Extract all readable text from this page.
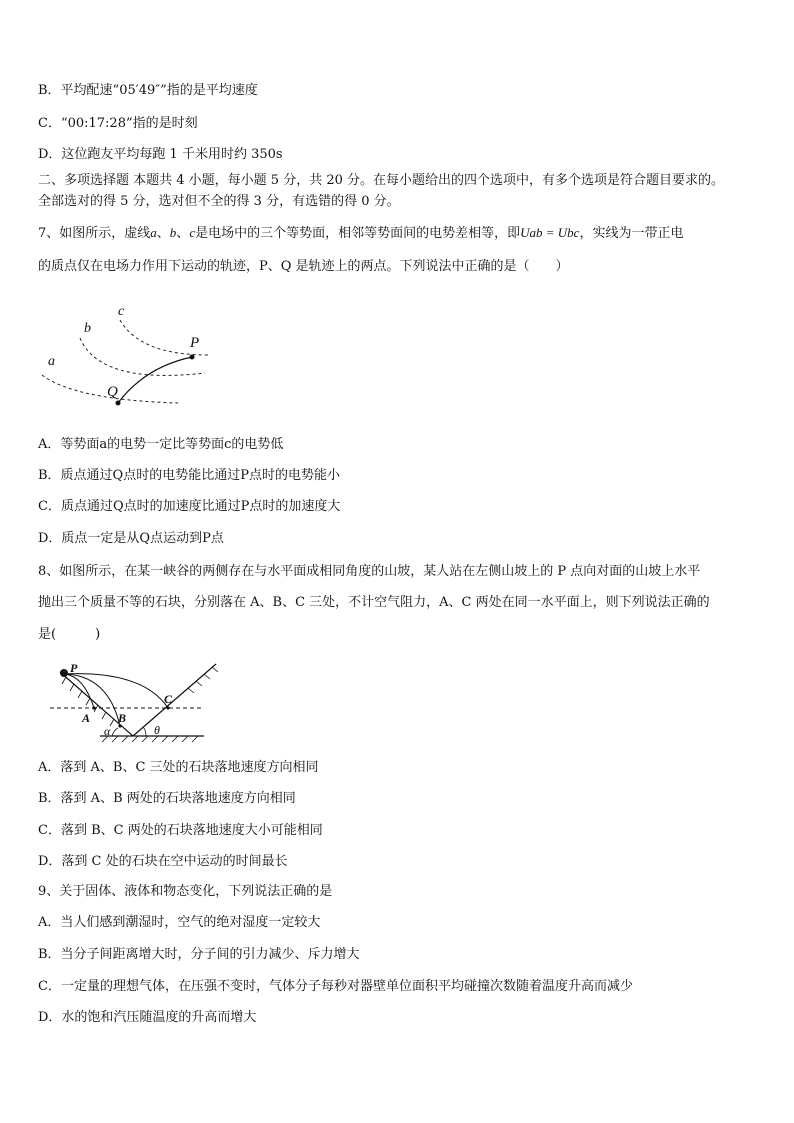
B．平均配速“05′49″”指的是平均速度
C．“00:17:28”指的是时刻
D．这位跑友平均每跑 1 千米用时约 350s
二、多项选择题 本题共 4 小题，每小题 5 分，共 20 分。在每小题给出的四个选项中，有多个选项是符合题目要求的。
全部选对的得 5 分，选对但不全的得 3 分，有选错的得 0 分。
7、如图所示，虚线a、b、c是电场中的三个等势面，相邻等势面间的电势差相等，即Uab = Ubc，实线为一带正电
的质点仅在电场力作用下运动的轨迹，P、Q 是轨迹上的两点。下列说法中正确的是（　　）
a
b
c
P
Q
A．等势面a的电势一定比等势面c的电势低
B．质点通过Q点时的电势能比通过P点时的电势能小
C．质点通过Q点时的加速度比通过P点时的加速度大
D．质点一定是从Q点运动到P点
8、如图所示，在某一峡谷的两侧存在与水平面成相同角度的山坡，某人站在左侧山坡上的 P 点向对面的山坡上水平
抛出三个质量不等的石块，分别落在 A、B、C 三处，不计空气阻力，A、C 两处在同一水平面上，则下列说法正确的
是(　　　)
P
A B
C
α	θ
A．落到 A、B、C 三处的石块落地速度方向相同
B．落到 A、B 两处的石块落地速度方向相同
C．落到 B、C 两处的石块落地速度大小可能相同
D．落到 C 处的石块在空中运动的时间最长
9、关于固体、液体和物态变化，下列说法正确的是
A．当人们感到潮湿时，空气的绝对湿度一定较大
B．当分子间距离增大时，分子间的引力减少、斥力增大
C．一定量的理想气体，在压强不变时，气体分子每秒对器壁单位面积平均碰撞次数随着温度升高而减少
D．水的饱和汽压随温度的升高而增大
